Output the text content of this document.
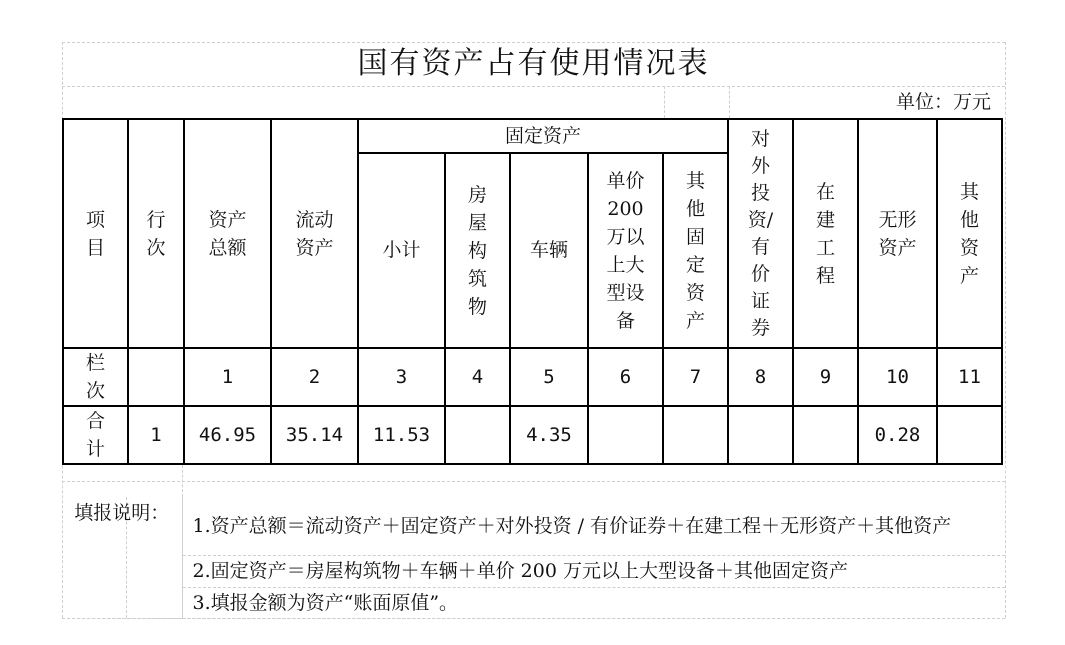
国有资产占有使用情况表
单位：万元
项目	行次	资产总额	流动资产	固定资产					对外投资/有价证券	在建工程	无形资产	其他资产
				小计	房屋构筑物	车辆	单价200万以上大型设备	其他固定资产				
栏次		1	2	3	4	5	6	7	8	9	10	11
合计	1	46.95	35.14	11.53		4.35					0.28	
填报说明：	1.资产总额＝流动资产＋固定资产＋对外投资 / 有价证券＋在建工程＋无形资产＋其他资产
2.固定资产＝房屋构筑物＋车辆＋单价 200 万元以上大型设备＋其他固定资产
3.填报金额为资产“账面原值”。
